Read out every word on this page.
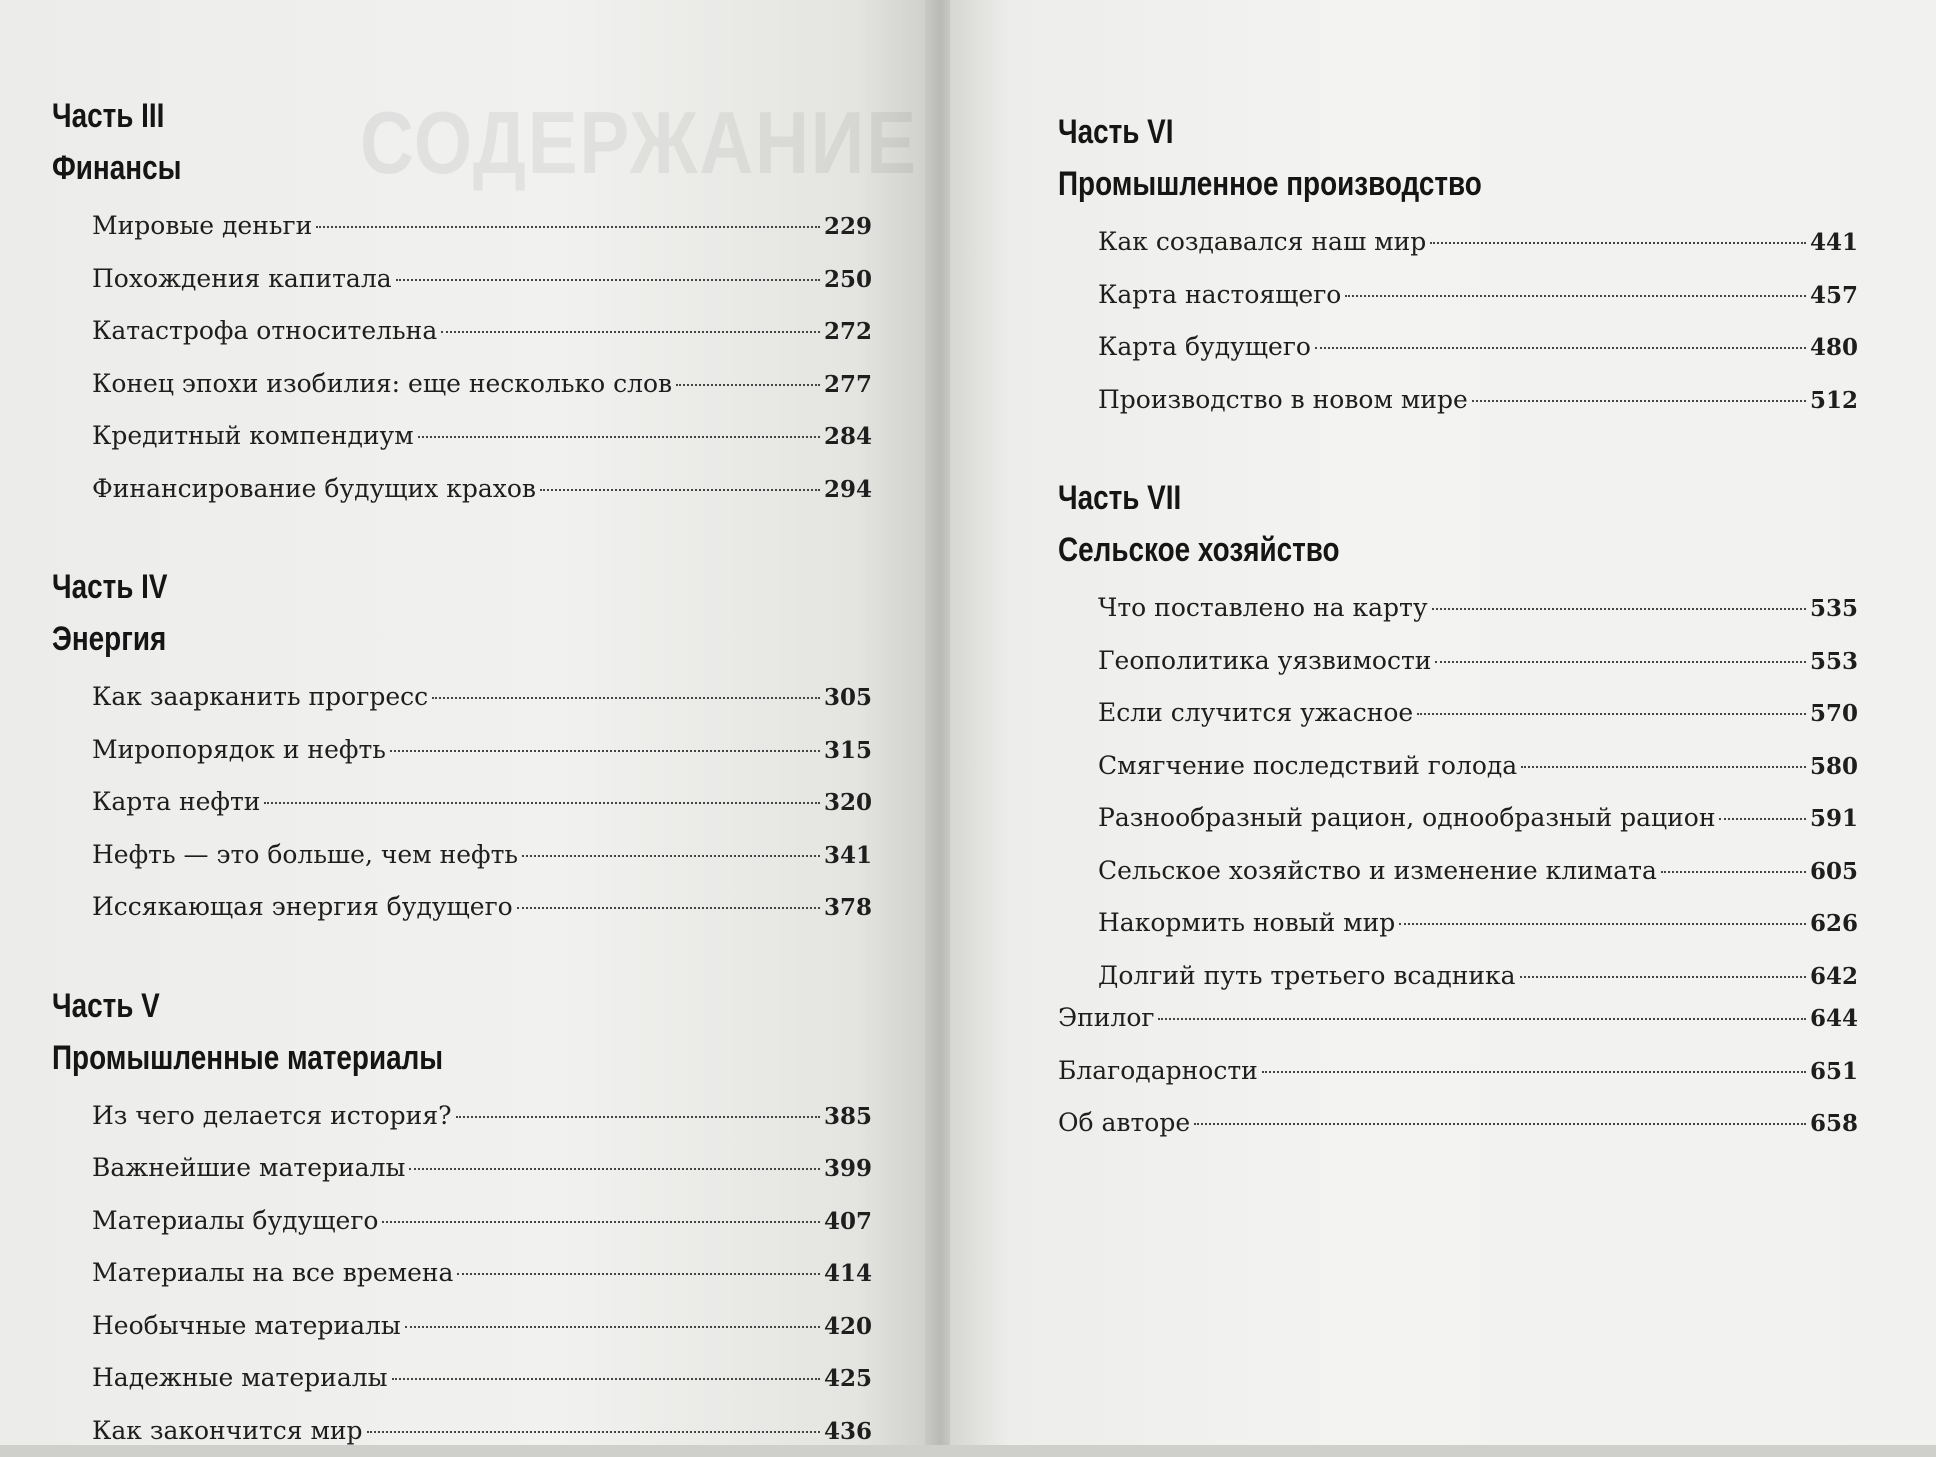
СОДЕРЖАНИЕ
Часть III
Финансы
Мировые деньги	229
Похождения капитала	250
Катастрофа относительна	272
Конец эпохи изобилия: еще несколько слов	277
Кредитный компендиум	284
Финансирование будущих крахов	294
Часть IV
Энергия
Как заарканить прогресс	305
Миропорядок и нефть	315
Карта нефти	320
Нефть — это больше, чем нефть	341
Иссякающая энергия будущего	378
Часть V
Промышленные материалы
Из чего делается история?	385
Важнейшие материалы	399
Материалы будущего	407
Материалы на все времена	414
Необычные материалы	420
Надежные материалы	425
Как закончится мир	436
Часть VI
Промышленное производство
Как создавался наш мир	441
Карта настоящего	457
Карта будущего	480
Производство в новом мире	512
Часть VII
Сельское хозяйство
Что поставлено на карту	535
Геополитика уязвимости	553
Если случится ужасное	570
Смягчение последствий голода	580
Разнообразный рацион, однообразный рацион	591
Сельское хозяйство и изменение климата	605
Накормить новый мир	626
Долгий путь третьего всадника	642
Эпилог	644
Благодарности	651
Об авторе	658
